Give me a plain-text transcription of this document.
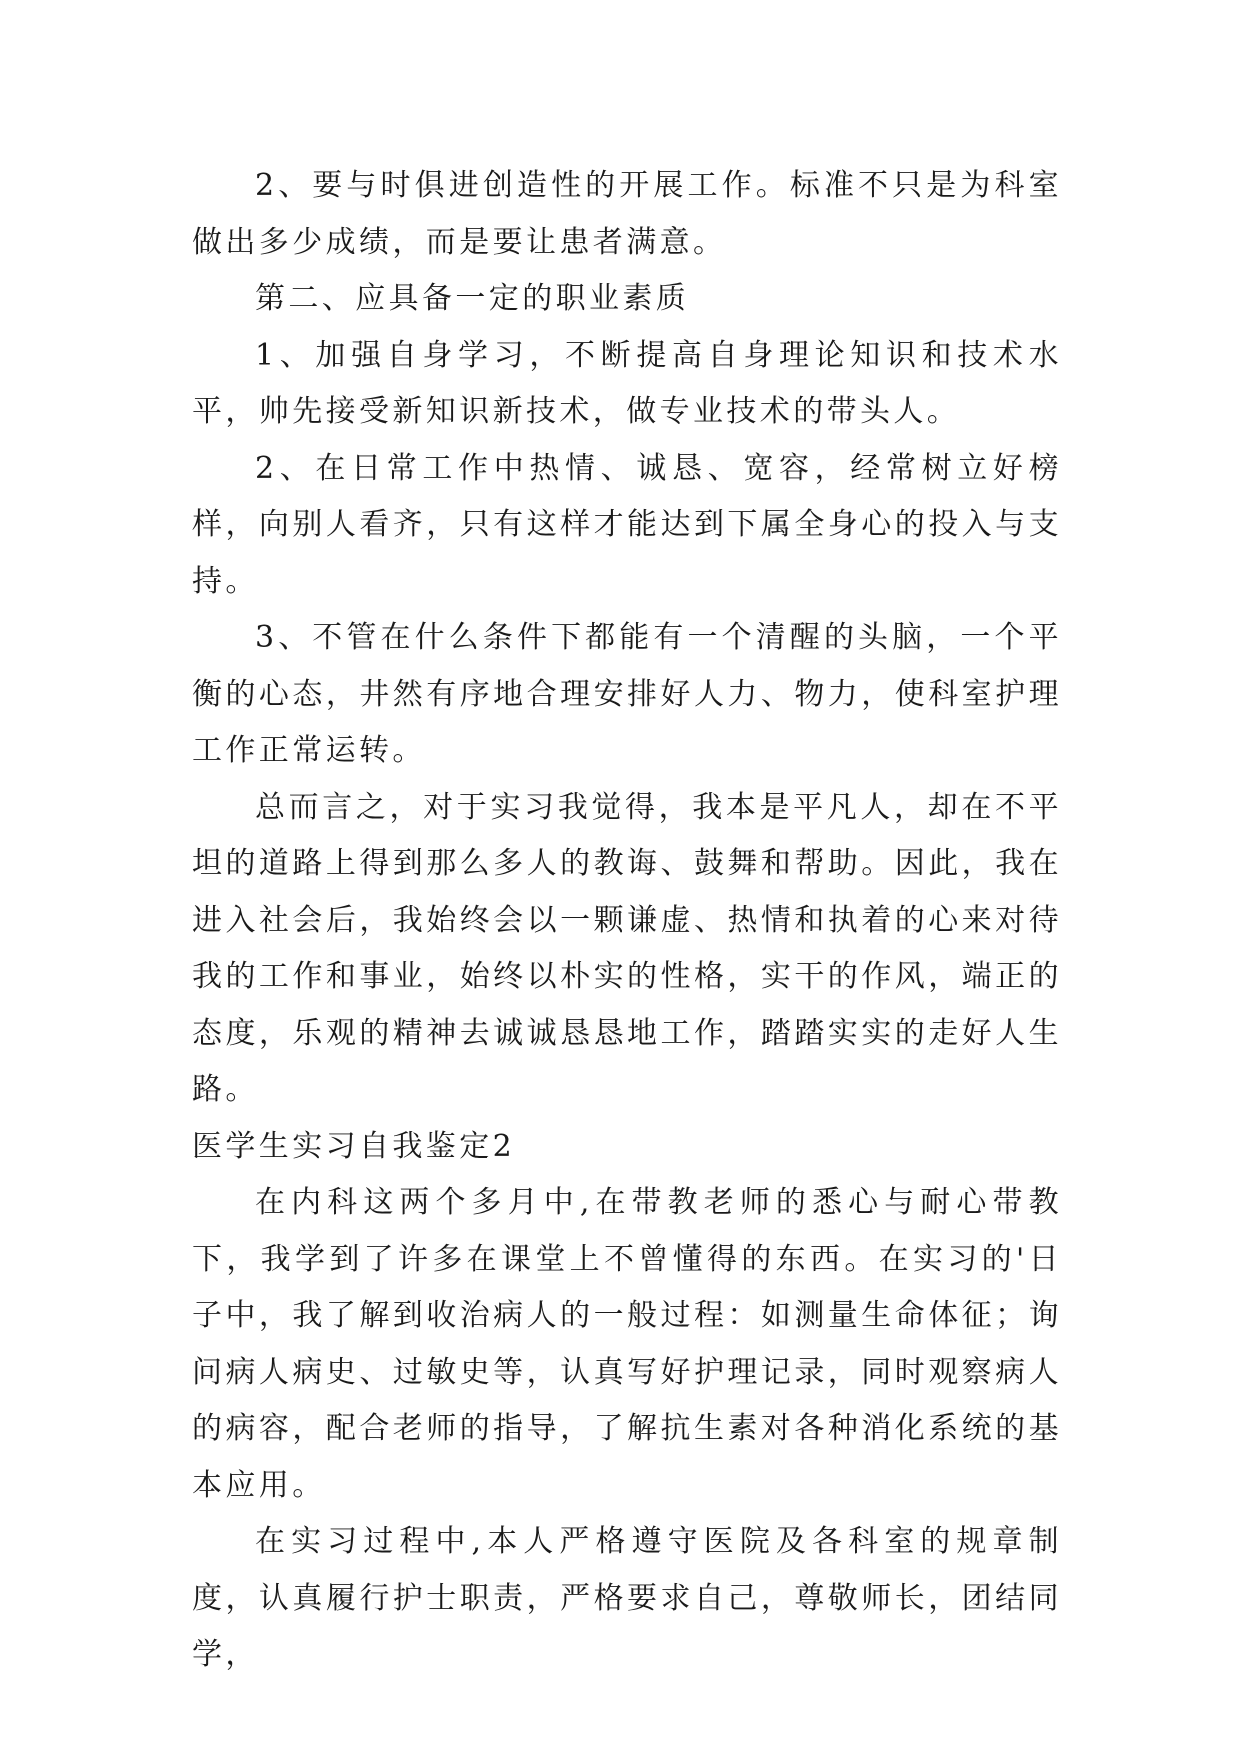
2、要与时俱进创造性的开展工作。标准不只是为科室做出多少成绩，而是要让患者满意。

第二、应具备一定的职业素质

1、加强自身学习，不断提高自身理论知识和技术水平，帅先接受新知识新技术，做专业技术的带头人。

2、在日常工作中热情、诚恳、宽容，经常树立好榜样，向别人看齐，只有这样才能达到下属全身心的投入与支持。

3、不管在什么条件下都能有一个清醒的头脑，一个平衡的心态，井然有序地合理安排好人力、物力，使科室护理工作正常运转。

总而言之，对于实习我觉得，我本是平凡人，却在不平坦的道路上得到那么多人的教诲、鼓舞和帮助。因此，我在进入社会后，我始终会以一颗谦虚、热情和执着的心来对待我的工作和事业，始终以朴实的性格，实干的作风，端正的态度，乐观的精神去诚诚恳恳地工作，踏踏实实的走好人生路。

医学生实习自我鉴定2

在内科这两个多月中,在带教老师的悉心与耐心带教下，我学到了许多在课堂上不曾懂得的东西。在实习的'日子中，我了解到收治病人的一般过程：如测量生命体征；询问病人病史、过敏史等，认真写好护理记录，同时观察病人的病容，配合老师的指导，了解抗生素对各种消化系统的基本应用。

在实习过程中,本人严格遵守医院及各科室的规章制度，认真履行护士职责，严格要求自己，尊敬师长，团结同学，
